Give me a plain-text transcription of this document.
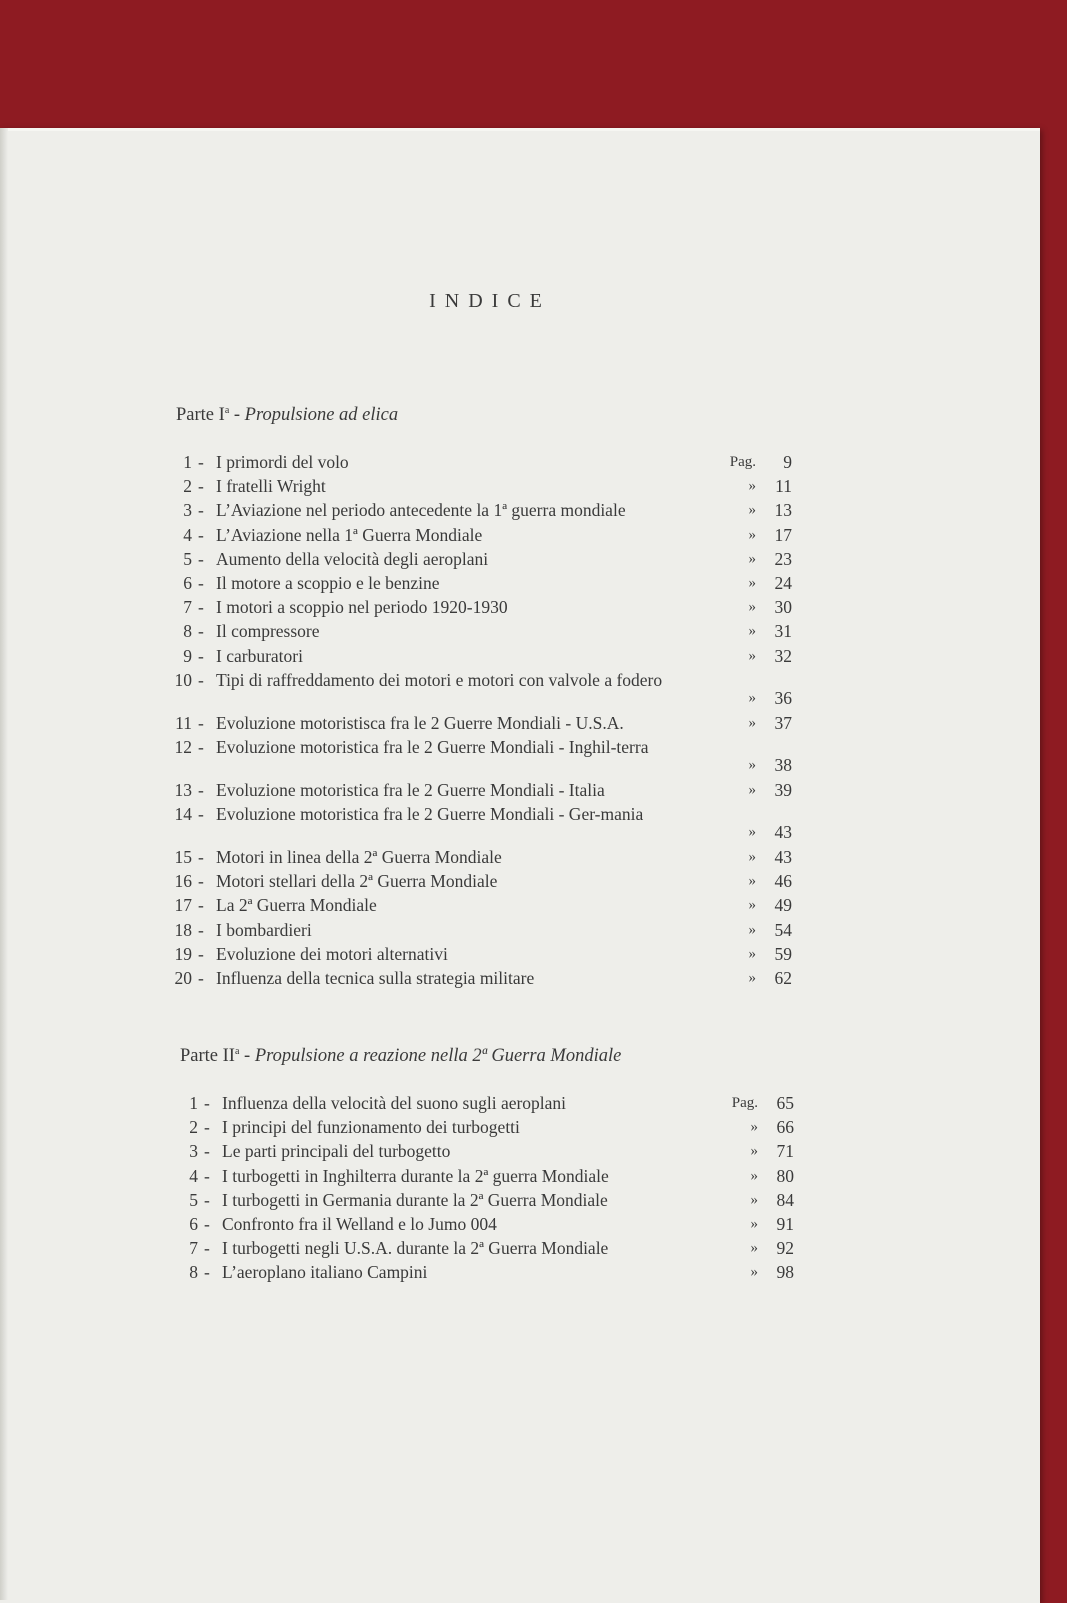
INDICE
Parte $I^a$ - Propulsione ad elica
1 - I primordi del volo	Pag.	9
2 - I fratelli Wright	»	11
3 - L’Aviazione nel periodo antecedente la 1ª guerra mondiale	»	13
4 - L’Aviazione nella 1ª Guerra Mondiale	»	17
5 - Aumento della velocità degli aeroplani	»	23
6 - Il motore a scoppio e le benzine	»	24
7 - I motori a scoppio nel periodo 1920-1930	»	30
8 - Il compressore	»	31
9 - I carburatori	»	32
10 - Tipi di raffreddamento dei motori e motori con valvole a fodero
»	36
11 - Evoluzione motoristisca fra le 2 Guerre Mondiali - U.S.A.	»	37
12 - Evoluzione motoristica fra le 2 Guerre Mondiali - Inghil-terra
»	38
13 - Evoluzione motoristica fra le 2 Guerre Mondiali - Italia	»	39
14 - Evoluzione motoristica fra le 2 Guerre Mondiali - Ger-mania
»	43
15 - Motori in linea della 2ª Guerra Mondiale	»	43
16 - Motori stellari della 2ª Guerra Mondiale	»	46
17 - La 2ª Guerra Mondiale	»	49
18 - I bombardieri	»	54
19 - Evoluzione dei motori alternativi	»	59
20 - Influenza della tecnica sulla strategia militare	»	62
Parte $II^a$ - Propulsione a reazione nella 2ª Guerra Mondiale
1 - Influenza della velocità del suono sugli aeroplani	Pag.	65
2 - I principi del funzionamento dei turbogetti	»	66
3 - Le parti principali del turbogetto	»	71
4 - I turbogetti in Inghilterra durante la 2ª guerra Mondiale	»	80
5 - I turbogetti in Germania durante la 2ª Guerra Mondiale	»	84
6 - Confronto fra il Welland e lo Jumo 004	»	91
7 - I turbogetti negli U.S.A. durante la 2ª Guerra Mondiale	»	92
8 - L’aeroplano italiano Campini	»	98
